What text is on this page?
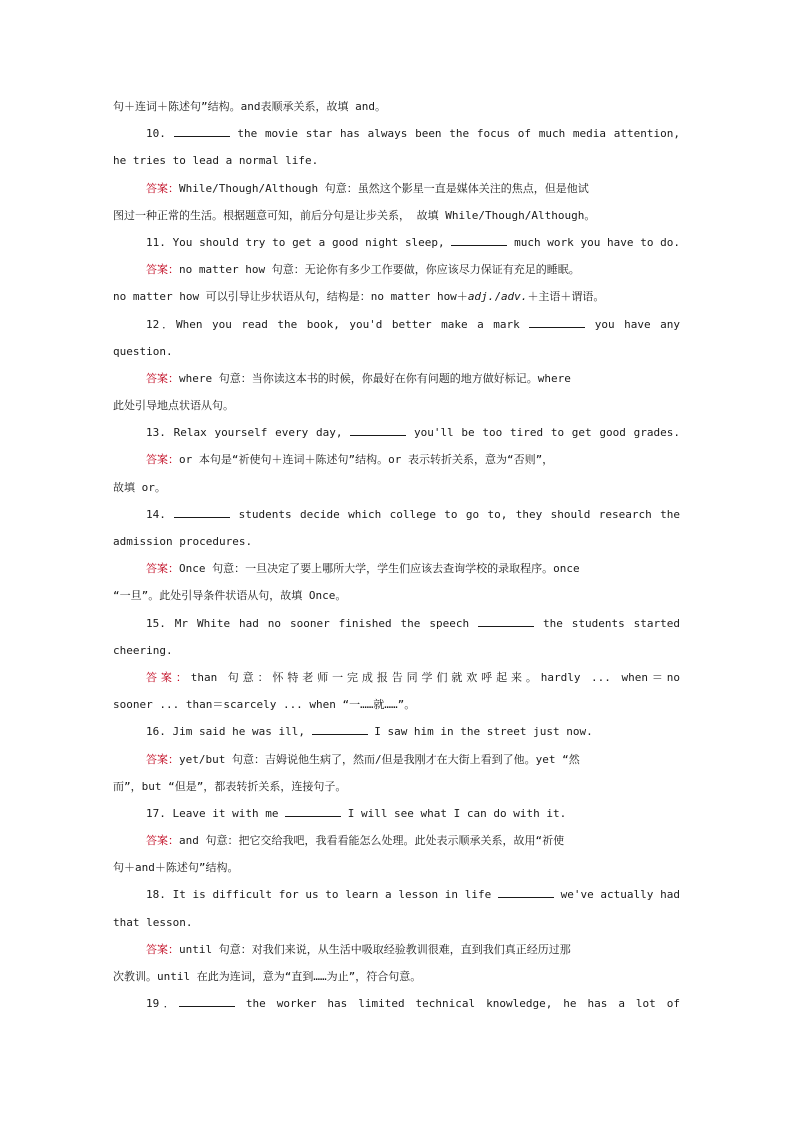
句＋连词＋陈述句”结构。and表顺承关系，故填 and。
10.	the movie star has always been the focus of much media attention,
he tries to lead a normal life.
答案：While/Though/Although 句意：虽然这个影星一直是媒体关注的焦点，但是他试
图过一种正常的生活。根据题意可知，前后分句是让步关系， 故填 While/Though/Although。
11. You should try to get a good night sleep,	much work you have to do.
答案：no matter how 句意：无论你有多少工作要做，你应该尽力保证有充足的睡眠。
no matter how 可以引导让步状语从句，结构是：no matter how＋adj./adv.＋主语＋谓语。
12．When you read the book, you'd better make a mark	you have any
question.
答案：where 句意：当你读这本书的时候，你最好在你有问题的地方做好标记。where
此处引导地点状语从句。
13. Relax yourself every day,	you'll be too tired to get good grades.
答案：or 本句是“祈使句＋连词＋陈述句”结构。or 表示转折关系，意为“否则”，
故填 or。
14.	students decide which college to go to, they should research the
admission procedures.
答案：Once 句意：一旦决定了要上哪所大学，学生们应该去查询学校的录取程序。once
“一旦”。此处引导条件状语从句，故填 Once。
15. Mr White had no sooner finished the speech	the students started
cheering.
答案：than 句意：怀特老师一完成报告同学们就欢呼起来。hardly ... when＝no
sooner ... than＝scarcely ... when “一……就……”。
16. Jim said he was ill,	I saw him in the street just now.
答案：yet/but 句意：吉姆说他生病了，然而/但是我刚才在大街上看到了他。yet “然
而”，but “但是”，都表转折关系，连接句子。
17. Leave it with me	I will see what I can do with it.
答案：and 句意：把它交给我吧，我看看能怎么处理。此处表示顺承关系，故用“祈使
句＋and＋陈述句”结构。
18. It is difficult for us to learn a lesson in life	we've actually had
that lesson.
答案：until 句意：对我们来说，从生活中吸取经验教训很难，直到我们真正经历过那
次教训。until 在此为连词，意为“直到……为止”，符合句意。
19．	the worker has limited technical knowledge, he has a lot of
